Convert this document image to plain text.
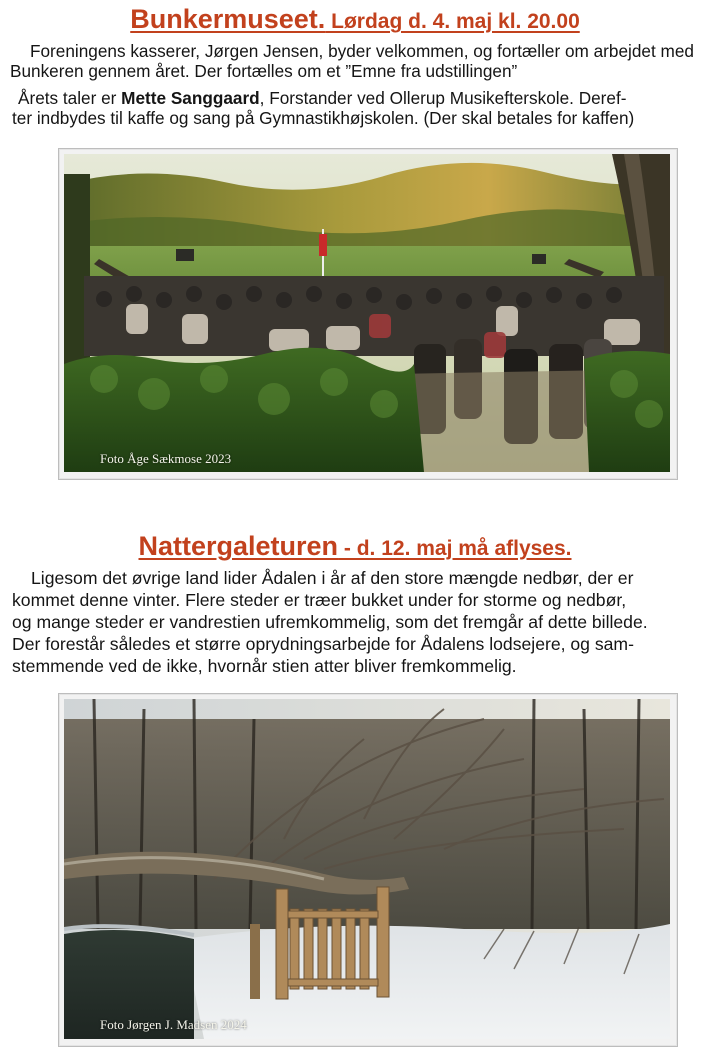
Bunkermuseet. Lørdag d. 4. maj kl. 20.00
Foreningens kasserer, Jørgen Jensen, byder velkommen, og fortæller om arbejdet med
Bunkeren gennem året. Der fortælles om et ”Emne fra udstillingen”
Årets taler er Mette Sanggaard, Forstander ved Ollerup Musikefterskole. Deref-
ter indbydes til kaffe og sang på Gymnastikhøjskolen. (Der skal betales for kaffen)
Foto Åge Sækmose 2023
Nattergaleturen - d. 12. maj må aflyses.
Ligesom det øvrige land lider Ådalen i år af den store mængde nedbør, der er
kommet denne vinter. Flere steder er træer bukket under for storme og nedbør,
og mange steder er vandrestien ufremkommelig, som det fremgår af dette billede.
Der forestår således et større oprydningsarbejde for Ådalens lodsejere, og sam-
stemmende ved de ikke, hvornår stien atter bliver fremkommelig.
Foto Jørgen J. Madsen 2024
